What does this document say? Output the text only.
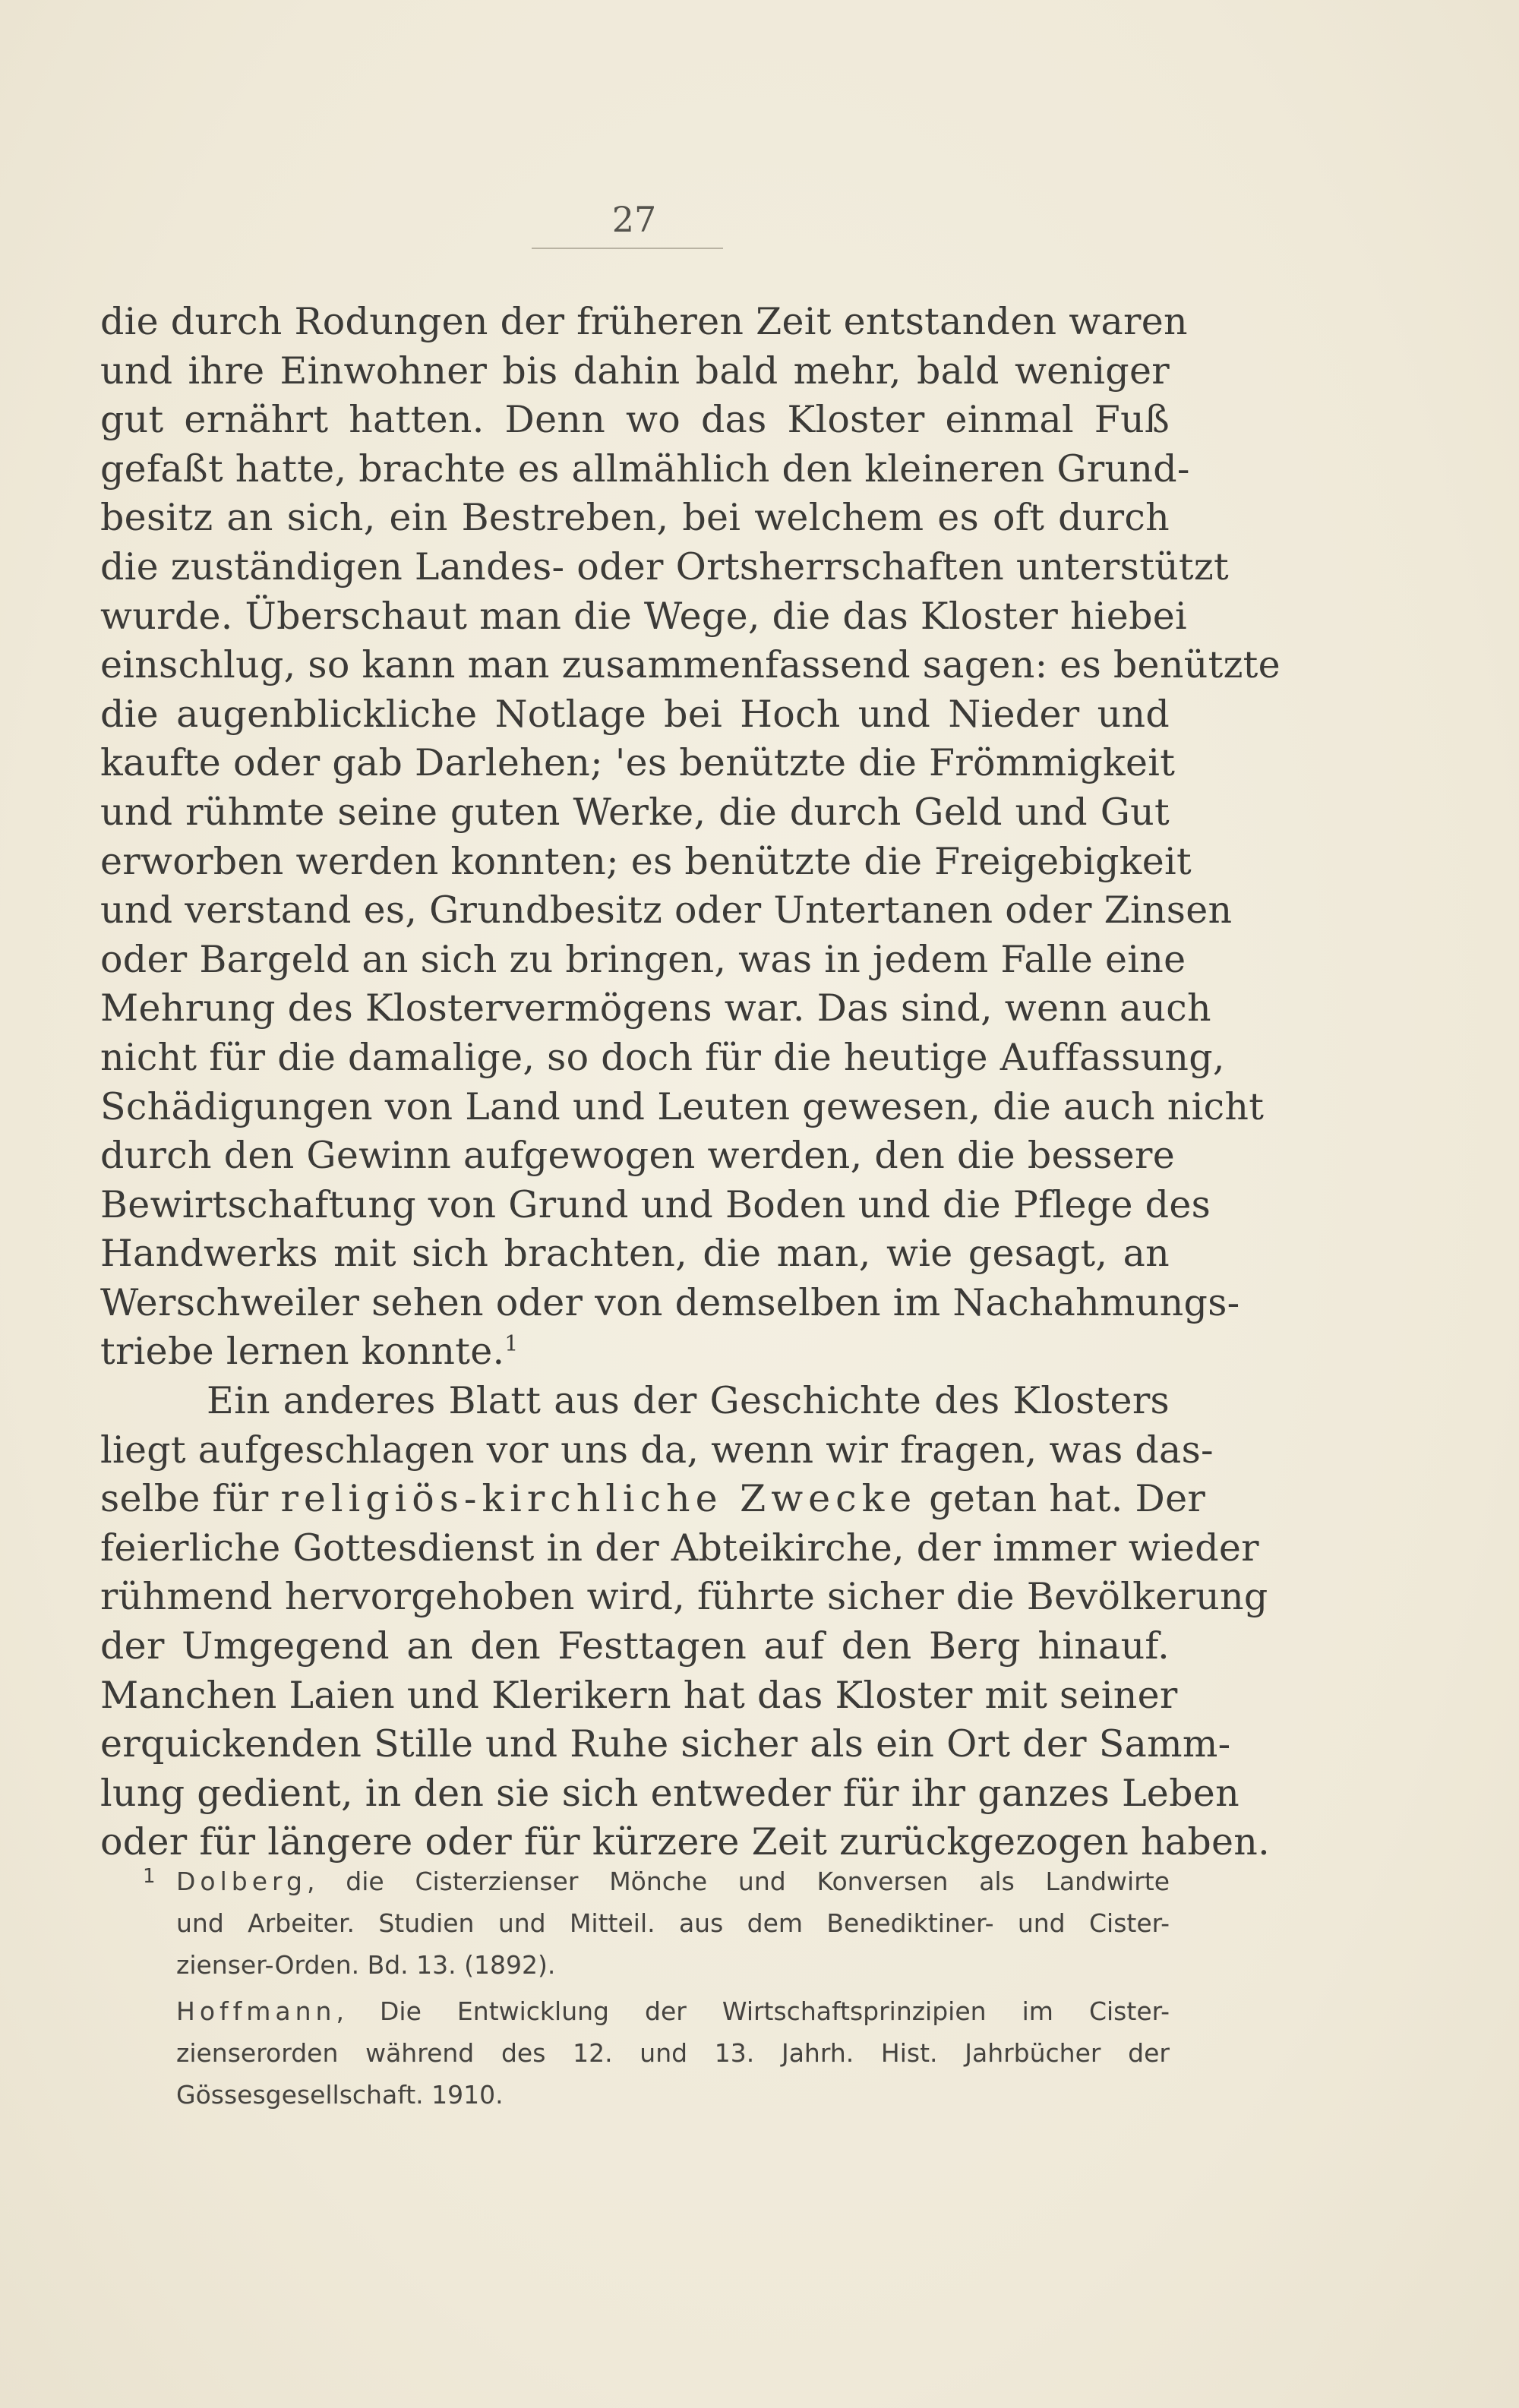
27
die durch Rodungen der früheren Zeit entstanden waren
und ihre Einwohner bis dahin bald mehr, bald weniger
gut ernährt hatten. Denn wo das Kloster einmal Fuß
gefaßt hatte, brachte es allmählich den kleineren Grund-
besitz an sich, ein Bestreben, bei welchem es oft durch
die zuständigen Landes- oder Ortsherrschaften unterstützt
wurde. Überschaut man die Wege, die das Kloster hiebei
einschlug, so kann man zusammenfassend sagen: es benützte
die augenblickliche Notlage bei Hoch und Nieder und
kaufte oder gab Darlehen; 'es benützte die Frömmigkeit
und rühmte seine guten Werke, die durch Geld und Gut
erworben werden konnten; es benützte die Freigebigkeit
und verstand es, Grundbesitz oder Untertanen oder Zinsen
oder Bargeld an sich zu bringen, was in jedem Falle eine
Mehrung des Klostervermögens war. Das sind, wenn auch
nicht für die damalige, so doch für die heutige Auffassung,
Schädigungen von Land und Leuten gewesen, die auch nicht
durch den Gewinn aufgewogen werden, den die bessere
Bewirtschaftung von Grund und Boden und die Pflege des
Handwerks mit sich brachten, die man, wie gesagt, an
Werschweiler sehen oder von demselben im Nachahmungs-
triebe lernen konnte.$^1$
Ein anderes Blatt aus der Geschichte des Klosters
liegt aufgeschlagen vor uns da, wenn wir fragen, was das-
selbe für religiös-kirchliche Zwecke getan hat. Der
feierliche Gottesdienst in der Abteikirche, der immer wieder
rühmend hervorgehoben wird, führte sicher die Bevölkerung
der Umgegend an den Festtagen auf den Berg hinauf.
Manchen Laien und Klerikern hat das Kloster mit seiner
erquickenden Stille und Ruhe sicher als ein Ort der Samm-
lung gedient, in den sie sich entweder für ihr ganzes Leben
oder für längere oder für kürzere Zeit zurückgezogen haben.
1 Dolberg, die Cisterzienser Mönche und Konversen als Landwirte
und Arbeiter. Studien und Mitteil. aus dem Benediktiner- und Cister-
zienser-Orden. Bd. 13. (1892).
Hoffmann, Die Entwicklung der Wirtschaftsprinzipien im Cister-
zienserorden während des 12. und 13. Jahrh. Hist. Jahrbücher der
Gössesgesellschaft. 1910.
